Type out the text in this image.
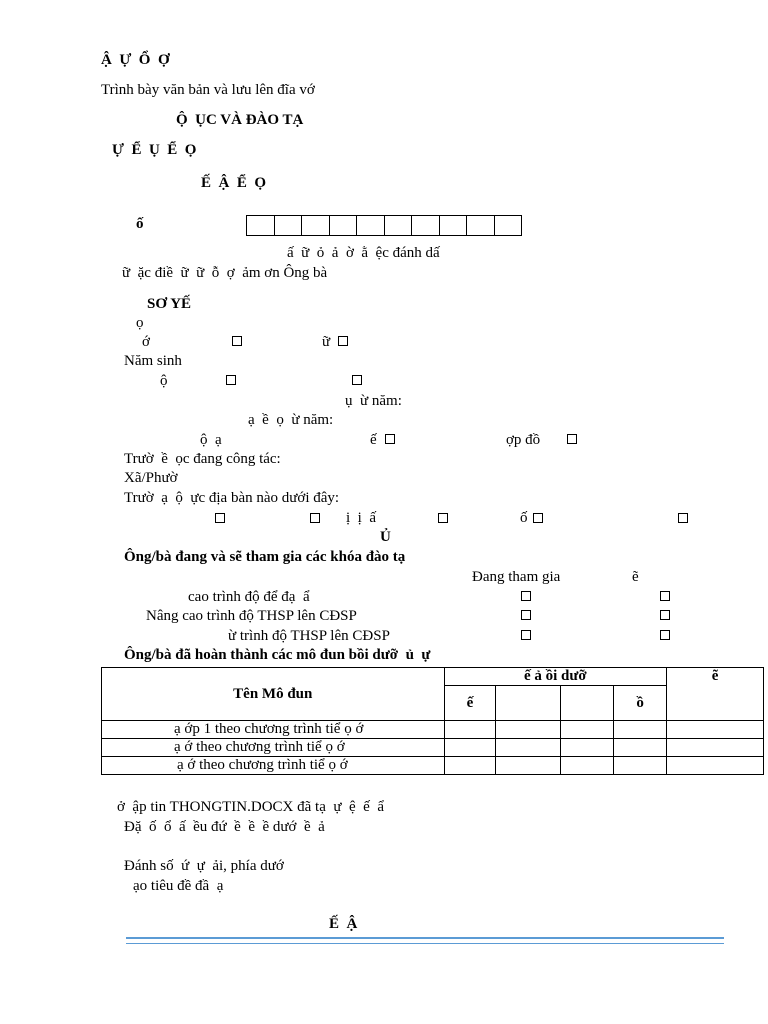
Ậ  Ự  Ổ  Ợ
Trình bày văn bản và lưu lên đĩa vớ
Ộ  ỤC VÀ ĐÀO TẠ
Ự  Ể  Ụ  Ể  Ọ
Ế  Ậ  Ể  Ọ
ố
ấ  ữ  ỏ  ả  ờ  ằ  ệc đánh dấ
ữ  ặc điề  ữ  ữ  ỗ  ợ  ảm ơn Ông bà
SƠ YẾ
ọ
ớ	ữ
Năm sinh
ộ
ụ  ừ năm:
ạ  ề  ọ  ừ năm:
ộ  ạ	ế	ợp đồ
Trườ  ề  ọc đang công tác:
Xã/Phườ
Trườ  ạ  ộ  ực địa bàn nào dưới đây:
ị  ị  ấ	ố
Ủ
Ông/bà đang và sẽ tham gia các khóa đào tạ
Đang tham gia	ẽ
cao trình độ để đạ  ẩ
Nâng cao trình độ THSP lên CĐSP
ừ trình độ THSP lên CĐSP
Ông/bà đã hoàn thành các mô đun bồi dưỡ  ủ  ự
Tên Mô đun	ế ả ồi dưỡ				ẽ
	ế			ồ	
ạ ớp 1 theo chương trình tiể ọ ớ					
ạ ớ theo chương trình tiể ọ ớ					
ạ ớ theo chương trình tiể ọ ớ					
ở  ập tin THONGTIN.DOCX đã tạ  ự  ệ  ế  ẩ
Đặ  ố  ổ  ấ  ều đứ  ề  ề  ề dướ  ề  ả
Đánh số  ứ  ự  ải, phía dướ
ạo tiêu đề đầ  ạ
Ế  Ậ
